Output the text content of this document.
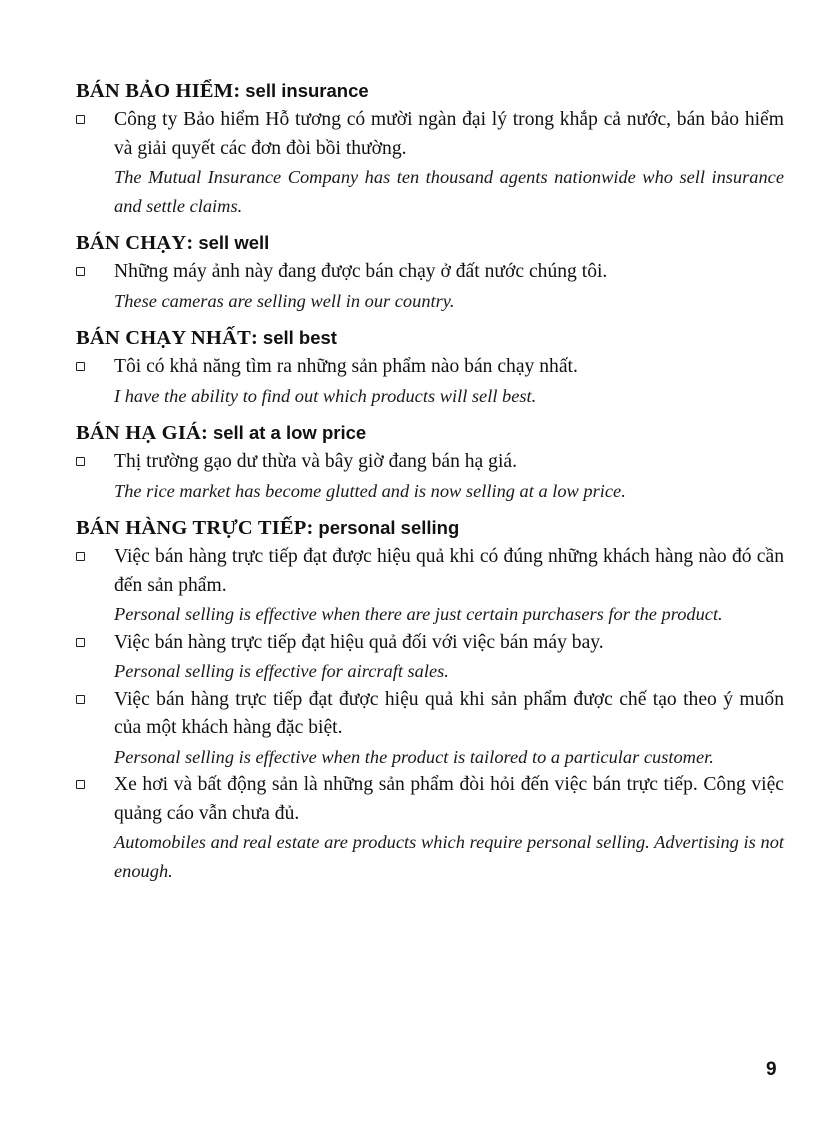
BÁN BẢO HIỂM: sell insurance

Công ty Bảo hiểm Hỗ tương có mười ngàn đại lý trong khắp cả nước, bán bảo hiểm và giải quyết các đơn đòi bồi thường.

The Mutual Insurance Company has ten thousand agents nationwide who sell insurance and settle claims.

BÁN CHẠY: sell well

Những máy ảnh này đang được bán chạy ở đất nước chúng tôi.

These cameras are selling well in our country.

BÁN CHẠY NHẤT: sell best

Tôi có khả năng tìm ra những sản phẩm nào bán chạy nhất.

I have the ability to find out which products will sell best.

BÁN HẠ GIÁ: sell at a low price

Thị trường gạo dư thừa và bây giờ đang bán hạ giá.

The rice market has become glutted and is now selling at a low price.

BÁN HÀNG TRỰC TIẾP: personal selling

Việc bán hàng trực tiếp đạt được hiệu quả khi có đúng những khách hàng nào đó cần đến sản phẩm.

Personal selling is effective when there are just certain purchasers for the product.

Việc bán hàng trực tiếp đạt hiệu quả đối với việc bán máy bay.

Personal selling is effective for aircraft sales.

Việc bán hàng trực tiếp đạt được hiệu quả khi sản phẩm được chế tạo theo ý muốn của một khách hàng đặc biệt.

Personal selling is effective when the product is tailored to a particular customer.

Xe hơi và bất động sản là những sản phẩm đòi hỏi đến việc bán trực tiếp. Công việc quảng cáo vẫn chưa đủ.

Automobiles and real estate are products which require personal selling. Advertising is not enough.

9
